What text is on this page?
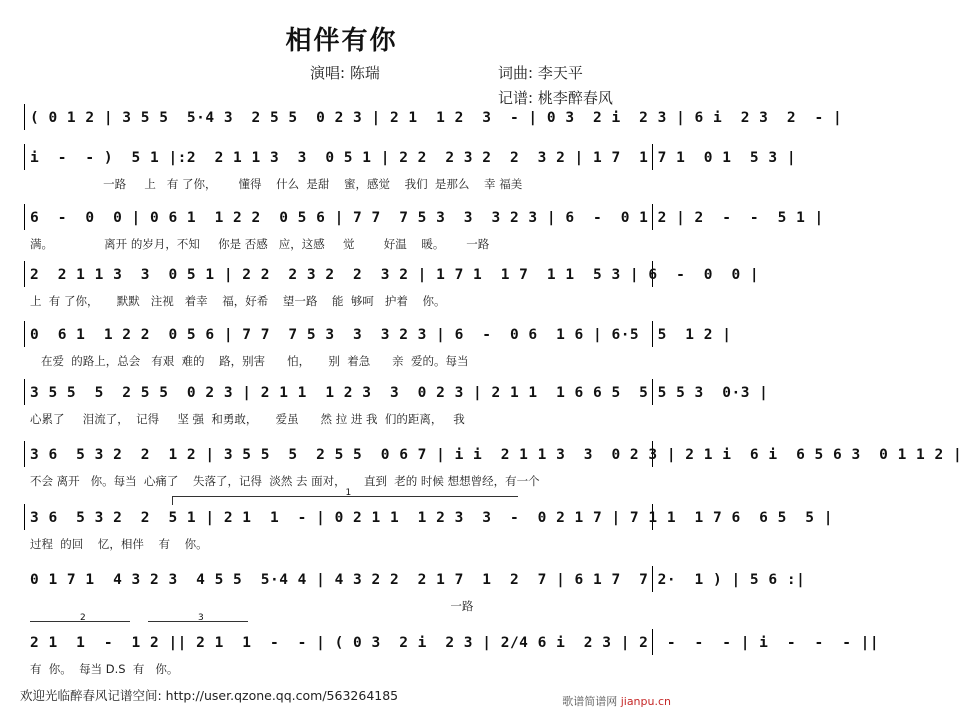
相伴有你
演唱: 陈瑞	词曲: 李天平
记谱: 桃李醉春风
( 0 1 2 | 3 5 5  5·4 3  2 5 5  0 2 3 | 2 1  1 2  3  - | 0 3  2 i  2 3 | 6 i  2 3  2  - |
i  -  - )  5 1 |:2  2 1 1 3  3  0 5 1 | 2 2  2 3 2  2  3 2 | 1 7  1 7 1  0 1  5 3 |
一路     上   有 了你，      懂得    什么  是甜    蜜，感觉    我们  是那么    幸 福美
6  -  0  0 | 0 6 1  1 2 2  0 5 6 | 7 7  7 5 3  3  3 2 3 | 6  -  0 1 2 | 2  -  -  5 1 |
满。              离开 的岁月，不知     你是 否感   应，这感     觉        好温    暖。      一路
2  2 1 1 3  3  0 5 1 | 2 2  2 3 2  2  3 2 | 1 7 1  1 7  1 1  5 3 | 6  -  0  0 |
上  有 了你，     默默   注视   着幸    福，好希    望一路    能  够呵   护着    你。
0  6 1  1 2 2  0 5 6 | 7 7  7 5 3  3  3 2 3 | 6  -  0 6  1 6 | 6·5  5  1 2 |
在爱  的路上，总会   有艰  难的    路，别害      怕，     别  着急      亲  爱的。每当
3 5 5  5  2 5 5  0 2 3 | 2 1 1  1 2 3  3  0 2 3 | 2 1 1  1 6 6 5  5 5 5 3  0·3 |
心累了     泪流了，  记得     坚 强  和勇敢，     爱虽      然 拉 进 我  们的距离，   我
3 6  5 3 2  2  1 2 | 3 5 5  5  2 5 5  0 6 7 | i i  2 1 1 3  3  0 2 3 | 2 1 i  6 i  6 5 6 3  0 1 1 2 |
不会 离开   你。每当  心痛了    失落了，记得  淡然 去 面对，     直到  老的 时候 想想曾经，有一个
1
3 6  5 3 2  2  5 1 | 2 1  1  - | 0 2 1 1  1 2 3  3  -  0 2 1 7 | 7 1 1  1 7 6  6 5  5 |
过程  的回    忆，相伴    有    你。
0 1 7 1  4 3 2 3  4 5 5  5·4 4 | 4 3 2 2  2 1 7  1  2  7 | 6 1 7  7 2·  1 ) | 5 6 :|
一路
2	3
2 1  1  -  1 2 || 2 1  1  -  - | ( 0 3  2 i  2 3 | 2/4 6 i  2 3 | 2  -  -  - | i  -  -  - ||
有  你。  每当 D.S  有   你。
欢迎光临醉春风记谱空间: http://user.qzone.qq.com/563264185	歌谱简谱网 jianpu.cn
